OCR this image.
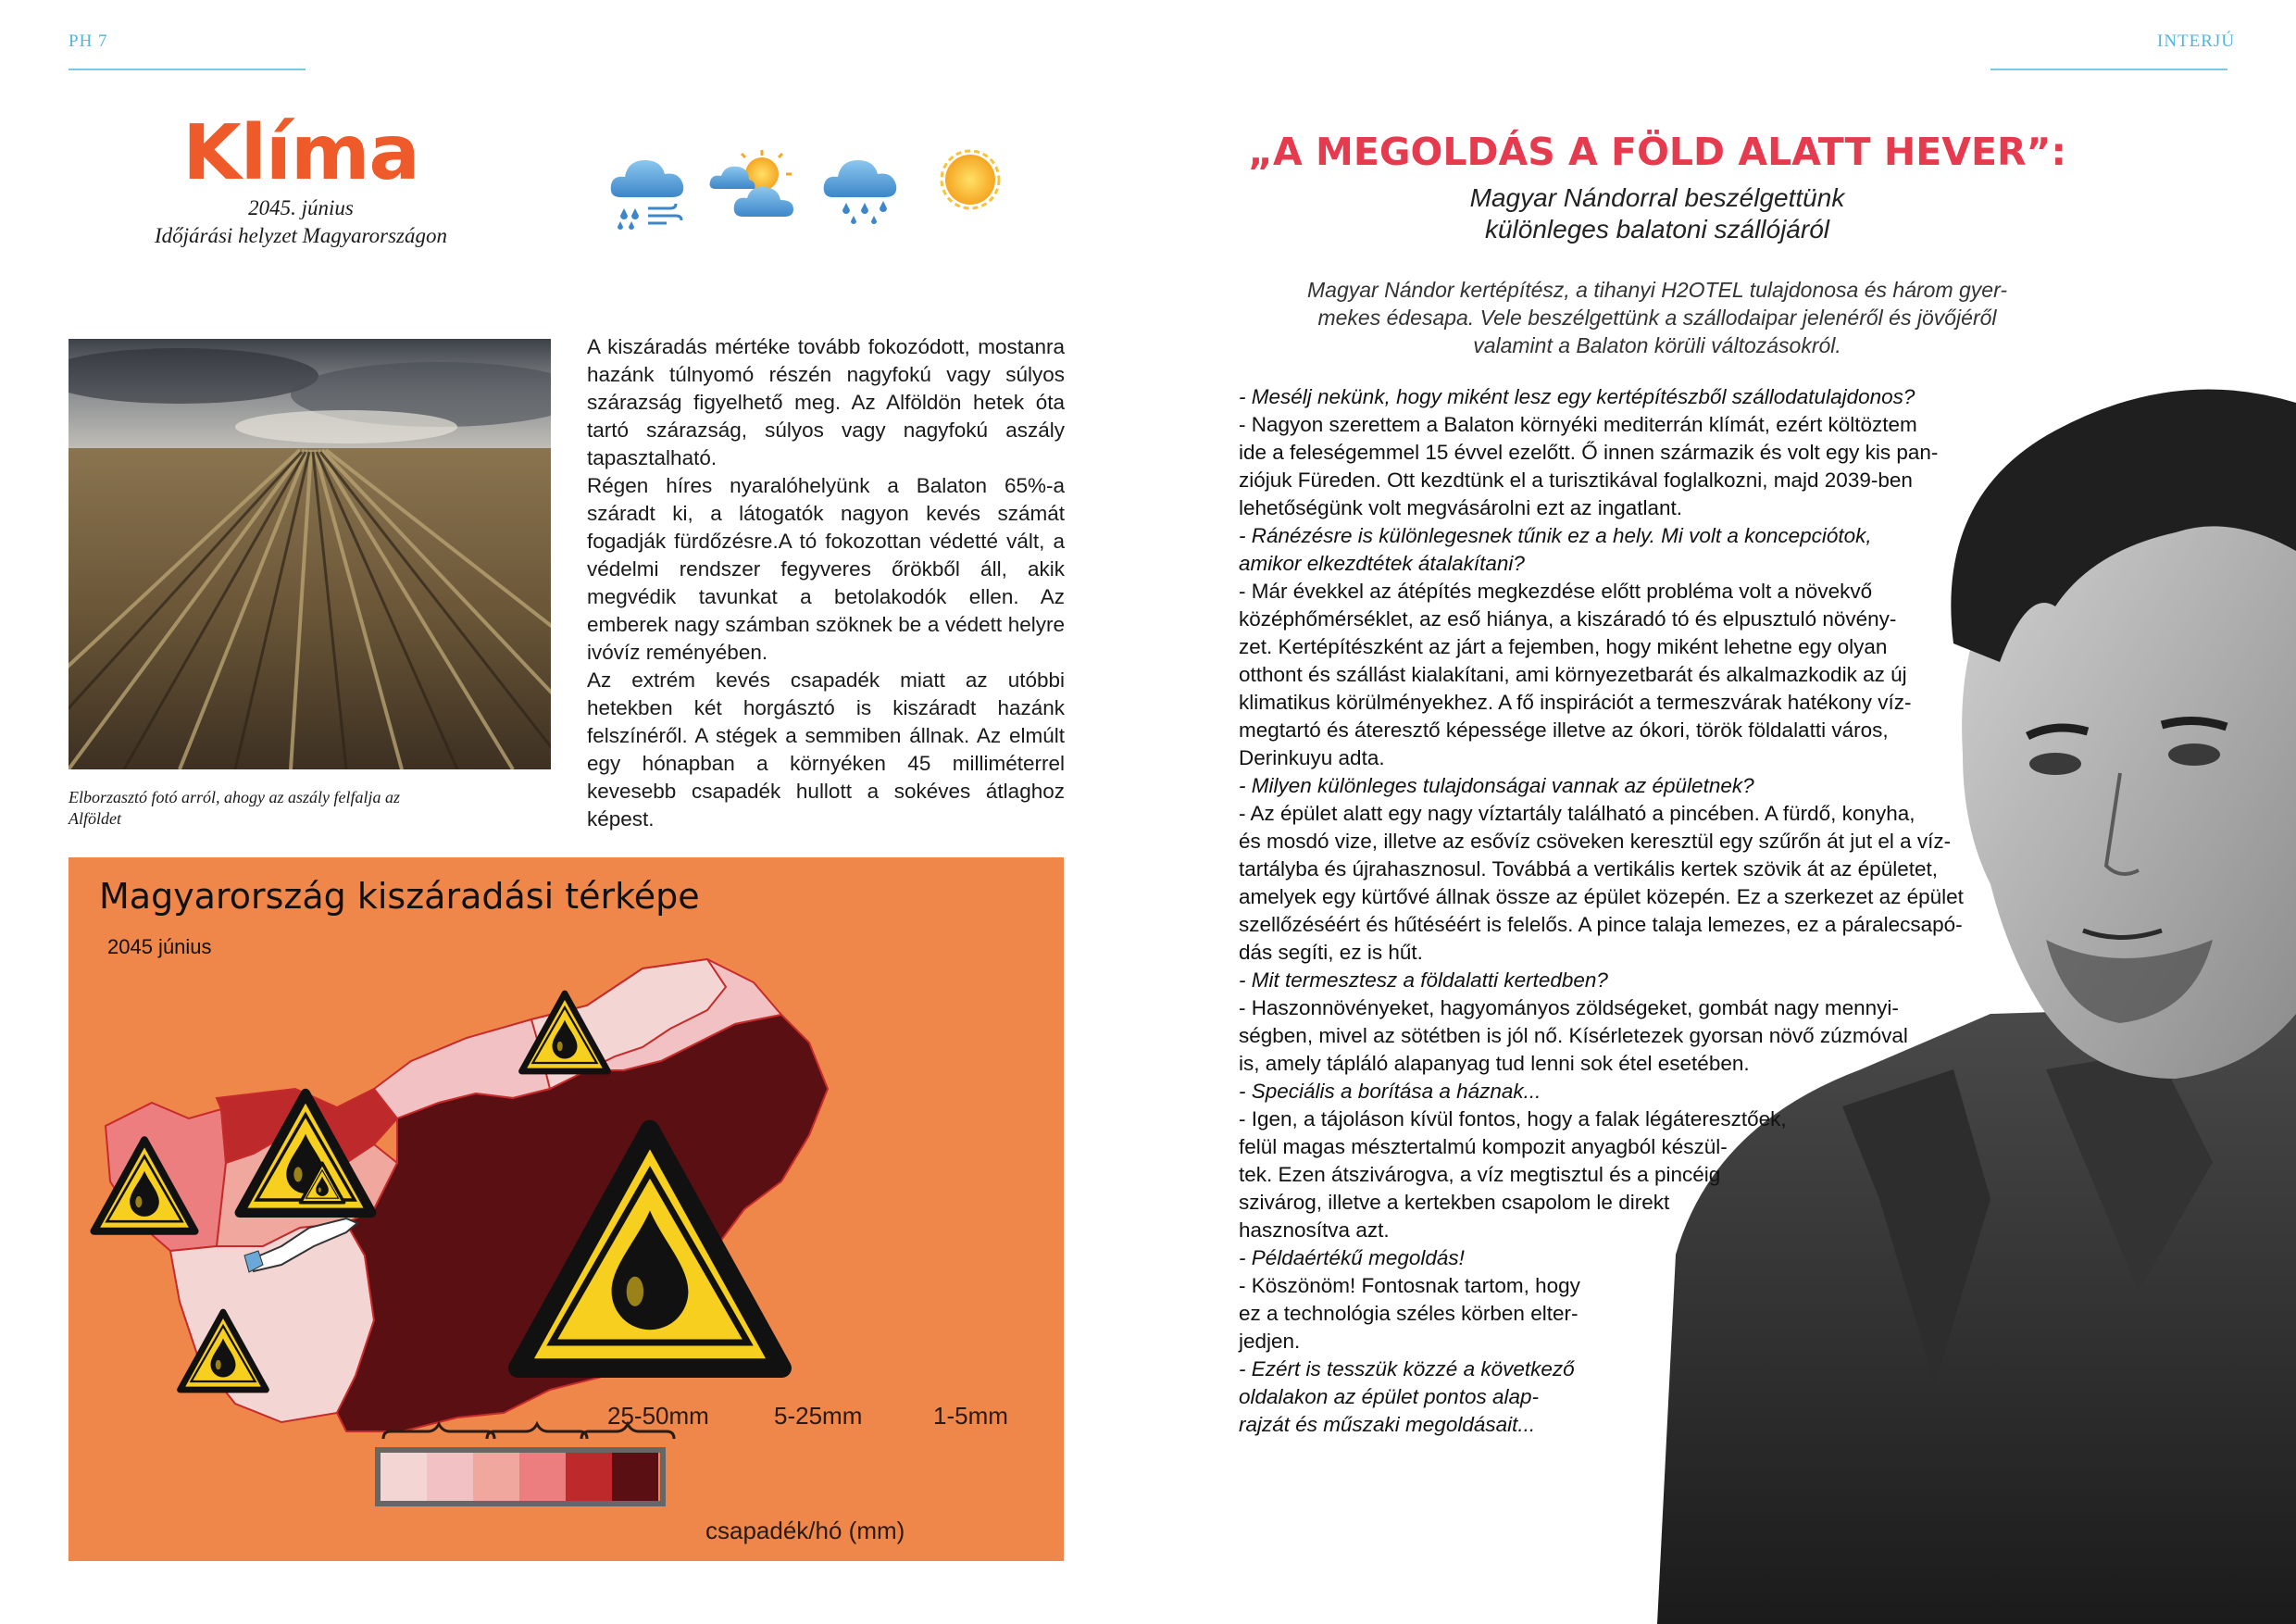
PH 7	INTERJÚ
Klíma
2045. június
Időjárási helyzet Magyarországon
Elborzasztó fotó arról, ahogy az aszály felfalja az Alföldet

A kiszáradás mértéke tovább fokozódott, mostanra hazánk túlnyomó részén nagyfokú vagy súlyos szárazság figyelhető meg. Az Alföldön hetek óta tartó szárazság, súlyos vagy nagyfokú aszály tapasztalható.

Régen híres nyaralóhelyünk a Balaton 65%-a száradt ki, a látogatók nagyon kevés számát fogadják fürdőzésre.A tó fokozottan védetté vált, a védelmi rendszer fegyveres őrökből áll, akik megvédik tavunkat a betolakodók ellen. Az emberek nagy számban szöknek be a védett helyre ivóvíz reményében.

Az extrém kevés csapadék miatt az utóbbi hetekben két horgásztó is kiszáradt hazánk felszínéről. A stégek a semmiben állnak. Az elmúlt egy hónapban a környéken 45 milliméterrel kevesebb csapadék hullott a sokéves átlaghoz képest.

Magyarország kiszáradási térképe
2045 június
25-50mm	5-25mm	1-5mm
csapadék/hó (mm)
„A MEGOLDÁS A FÖLD ALATT HEVER”:
Magyar Nándorral beszélgettünk
különleges balatoni szállójáról
Magyar Nándor kertépítész, a tihanyi H2OTEL tulajdonosa és három gyer-
mekes édesapa. Vele beszélgettünk a szállodaipar jelenéről és jövőjéről
valamint a Balaton körüli változásokról.
- Mesélj nekünk, hogy miként lesz egy kertépítészből szállodatulajdonos?
- Nagyon szerettem a Balaton környéki mediterrán klímát, ezért költöztem
ide a feleségemmel 15 évvel ezelőtt. Ő innen származik és volt egy kis pan-
ziójuk Füreden. Ott kezdtünk el a turisztikával foglalkozni, majd 2039-ben
lehetőségünk volt megvásárolni ezt az ingatlant.
- Ránézésre is különlegesnek tűnik ez a hely. Mi volt a koncepciótok,
amikor elkezdtétek átalakítani?
- Már évekkel az átépítés megkezdése előtt probléma volt a növekvő
középhőmérséklet, az eső hiánya, a kiszáradó tó és elpusztuló növény-
zet. Kertépítészként az járt a fejemben, hogy miként lehetne egy olyan
otthont és szállást kialakítani, ami környezetbarát és alkalmazkodik az új
klimatikus körülményekhez. A fő inspirációt a termeszvárak hatékony víz-
megtartó és áteresztő képessége illetve az ókori, török földalatti város,
Derinkuyu adta.
- Milyen különleges tulajdonságai vannak az épületnek?
- Az épület alatt egy nagy víztartály található a pincében. A fürdő, konyha,
és mosdó vize, illetve az esővíz csöveken keresztül egy szűrőn át jut el a víz-
tartályba és újrahasznosul. Továbbá a vertikális kertek szövik át az épületet,
amelyek egy kürtővé állnak össze az épület közepén. Ez a szerkezet az épület
szellőzéséért és hűtéséért is felelős. A pince talaja lemezes, ez a páralecsapó-
dás segíti, ez is hűt.
- Mit termesztesz a földalatti kertedben?
- Haszonnövényeket, hagyományos zöldségeket, gombát nagy mennyi-
ségben, mivel az sötétben is jól nő. Kísérletezek gyorsan növő zúzmóval
is, amely tápláló alapanyag tud lenni sok étel esetében.
- Speciális a borítása a háznak...
- Igen, a tájoláson kívül fontos, hogy a falak légáteresztőek,
felül magas mésztertalmú kompozit anyagból készül-
tek. Ezen átszivárogva, a víz megtisztul és a pincéig
szivárog, illetve a kertekben csapolom le direkt
hasznosítva azt.
- Példaértékű megoldás!
- Köszönöm! Fontosnak tartom, hogy
ez a technológia széles körben elter-
jedjen.
- Ezért is tesszük közzé a következő
oldalakon az épület pontos alap-
rajzát és műszaki megoldásait...
